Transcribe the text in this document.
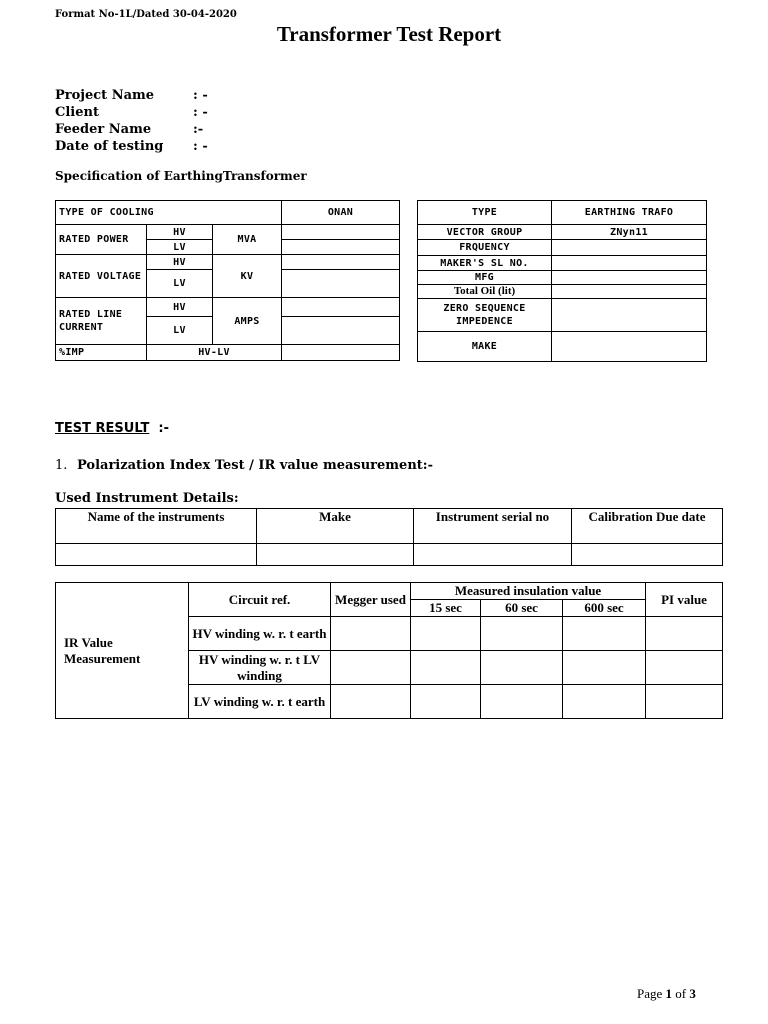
Format No-1L/Dated 30-04-2020
Transformer Test Report
Project Name	: -
Client	: -
Feeder Name	:-
Date of testing : -
Specification of EarthingTransformer
TYPE OF COOLING			ONAN
RATED POWER	HV	MVA	
	LV		
RATED VOLTAGE	HV	KV	
	LV		
RATED LINE CURRENT	HV	AMPS	
	LV		
%IMP	HV-LV		
TYPE	EARTHING TRAFO
VECTOR GROUP	ZNyn11
FRQUENCY	
MAKER'S SL NO.	
MFG	
Total Oil (lit)	
ZERO SEQUENCE IMPEDENCE	
MAKE	
TEST RESULT :-
1. Polarization Index Test / IR value measurement:-
Used Instrument Details:
Name of the instruments	Make	Instrument serial no	Calibration Due date

IR Value Measurement	Circuit ref.	Megger used	Measured insulation value			PI value
			15 sec	60 sec	600 sec	
	HV winding w. r. t earth					
	HV winding w. r. t LV winding					
	LV winding w. r. t earth					
Page 1 of 3
